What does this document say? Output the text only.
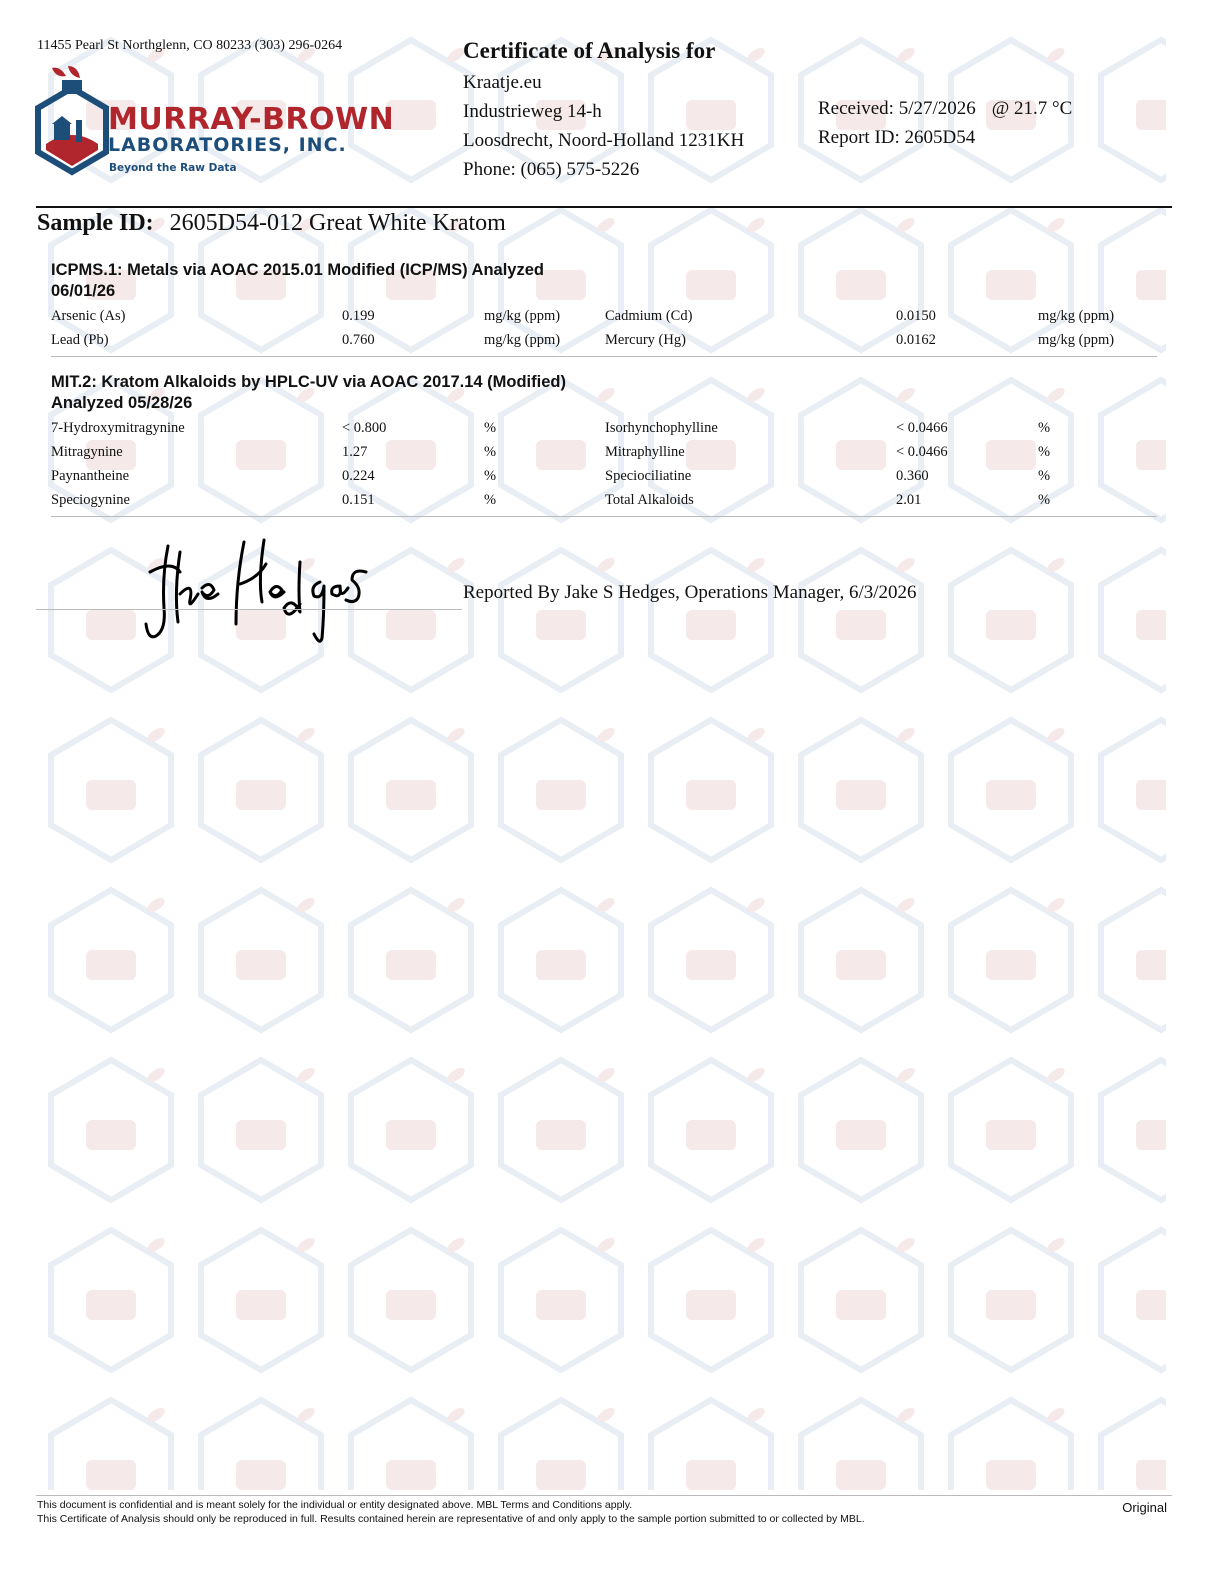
11455 Pearl St Northglenn, CO 80233 (303) 296-0264
MURRAY-BROWN
LABORATORIES, INC.
Beyond the Raw Data
Certificate of Analysis for
Kraatje.eu
Industrieweg 14-h
Loosdrecht, Noord-Holland 1231KH
Phone: (065) 575-5226
Received: 5/27/2026 @ 21.7 °C
Report ID: 2605D54
Sample ID: 2605D54-012 Great White Kratom
ICPMS.1: Metals via AOAC 2015.01 Modified (ICP/MS) Analyzed 06/01/26
Arsenic (As)	0.199	mg/kg (ppm)	Cadmium (Cd)	0.0150	mg/kg (ppm)
Lead (Pb)	0.760	mg/kg (ppm)	Mercury (Hg)	0.0162	mg/kg (ppm)
MIT.2: Kratom Alkaloids by HPLC-UV via AOAC 2017.14 (Modified) Analyzed 05/28/26
7-Hydroxymitragynine	< 0.800	%	Isorhynchophylline	< 0.0466	%
Mitragynine	1.27	%	Mitraphylline	< 0.0466	%
Paynantheine	0.224	%	Speciociliatine	0.360	%
Speciogynine	0.151	%	Total Alkaloids	2.01	%
Reported By Jake S Hedges, Operations Manager, 6/3/2026
This document is confidential and is meant solely for the individual or entity designated above. MBL Terms and Conditions apply.
This Certificate of Analysis should only be reproduced in full. Results contained herein are representative of and only apply to the sample portion submitted to or collected by MBL.
Original
